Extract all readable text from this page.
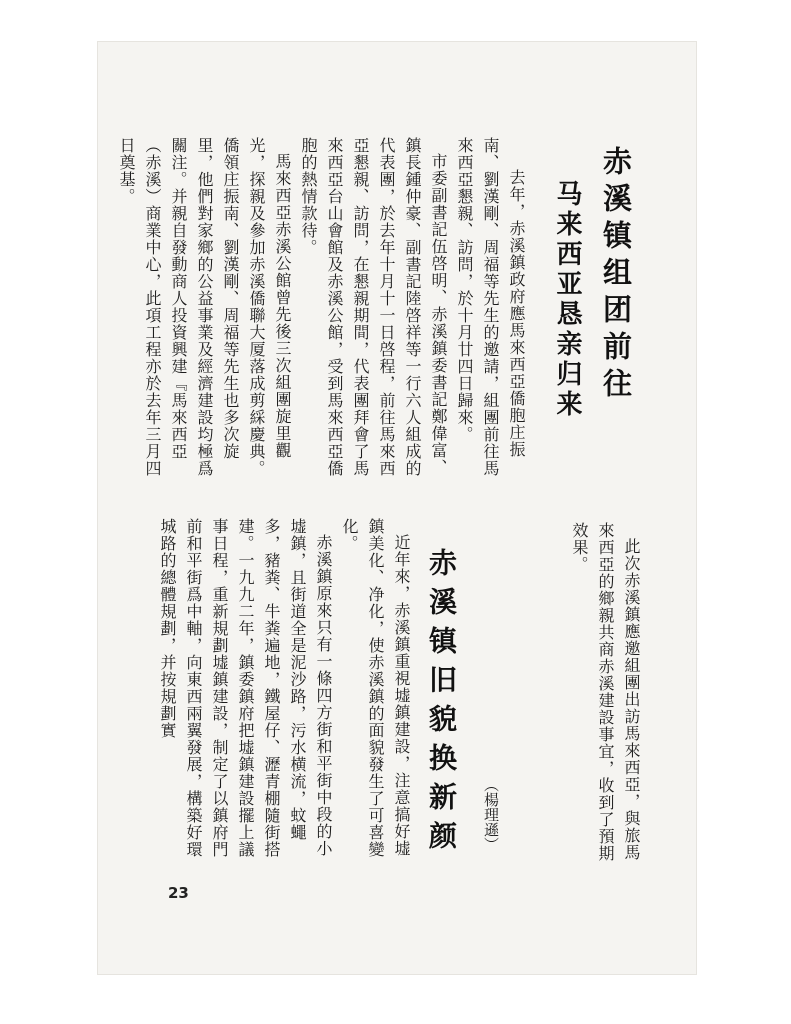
赤溪镇组团前往
马来西亚恳亲归来

去年，赤溪鎮政府應馬來西亞僑胞庄振南、劉漢剛、周福等先生的邀請，組團前往馬來西亞懇親、訪問，於十月廿四日歸來。

市委副書記伍啓明、赤溪鎮委書記鄭偉富、鎮長鍾仲豪、副書記陸啓祥等一行六人組成的代表團，於去年十月十一日啓程，前往馬來西亞懇親、訪問，在懇親期間，代表團拜會了馬來西亞台山會館及赤溪公館，受到馬來西亞僑胞的熱情款待。

馬來西亞赤溪公館曾先後三次組團旋里觀光，探親及參加赤溪僑聯大厦落成剪綵慶典。僑領庄振南、劉漢剛、周福等先生也多次旋里，他們對家鄉的公益事業及經濟建設均極爲關注。并親自發動商人投資興建『馬來西亞（赤溪）商業中心，此項工程亦於去年三月四日奠基。

此次赤溪鎮應邀組團出訪馬來西亞，與旅馬來西亞的鄉親共商赤溪建設事宜，收到了預期效果。

（楊理遜）
赤溪镇旧貌换新颜

近年來，赤溪鎮重視墟鎮建設，注意搞好墟鎮美化、净化，使赤溪鎮的面貌發生了可喜變化。

赤溪鎮原來只有一條四方街和平街中段的小墟鎮，且街道全是泥沙路，污水横流，蚊蠅多，豬粪、牛粪遍地，鐵屋仔、瀝青棚隨街搭建。一九九二年，鎮委鎮府把墟鎮建設擺上議事日程，重新規劃墟鎮建設，制定了以鎮府門前和平街爲中軸，向東西兩翼發展，構築好環城路的總體規劃，并按規劃實

23
